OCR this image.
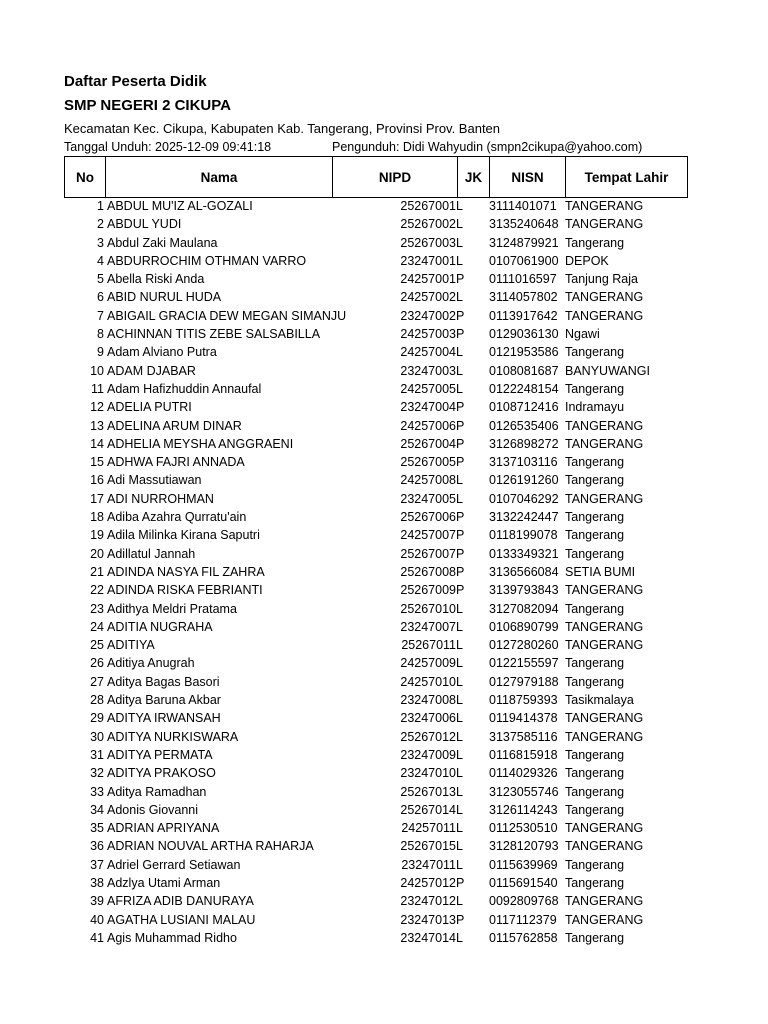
Daftar Peserta Didik
SMP NEGERI 2 CIKUPA
Kecamatan Kec. Cikupa, Kabupaten Kab. Tangerang, Provinsi Prov. Banten
Tanggal Unduh: 2025-12-09 09:41:18	Pengunduh: Didi Wahyudin (smpn2cikupa@yahoo.com)
No	Nama	NIPD	JK	NISN	Tempat Lahir
1 ABDUL MU'IZ AL-GOZALI	25267001 L 3111401071 TANGERANG
2 ABDUL YUDI	25267002 L 3135240648 TANGERANG
3 Abdul Zaki Maulana	25267003 L 3124879921 Tangerang
4 ABDURROCHIM OTHMAN VARRO	23247001 L 0107061900 DEPOK
5 Abella Riski Anda	24257001 P 0111016597 Tanjung Raja
6 ABID NURUL HUDA	24257002 L 3114057802 TANGERANG
7 ABIGAIL GRACIA DEW MEGAN SIMANJU	23247002 P 0113917642 TANGERANG
8 ACHINNAN TITIS ZEBE SALSABILLA	24257003 P 0129036130 Ngawi
9 Adam Alviano Putra	24257004 L 0121953586 Tangerang
10 ADAM DJABAR	23247003 L 0108081687 BANYUWANGI
11 Adam Hafizhuddin Annaufal	24257005 L 0122248154 Tangerang
12 ADELIA PUTRI	23247004 P 0108712416 Indramayu
13 ADELINA ARUM DINAR	24257006 P 0126535406 TANGERANG
14 ADHELIA MEYSHA ANGGRAENI	25267004 P 3126898272 TANGERANG
15 ADHWA FAJRI ANNADA	25267005 P 3137103116 Tangerang
16 Adi Massutiawan	24257008 L 0126191260 Tangerang
17 ADI NURROHMAN	23247005 L 0107046292 TANGERANG
18 Adiba Azahra Qurratu'ain	25267006 P 3132242447 Tangerang
19 Adila Milinka Kirana Saputri	24257007 P 0118199078 Tangerang
20 Adillatul Jannah	25267007 P 0133349321 Tangerang
21 ADINDA NASYA FIL ZAHRA	25267008 P 3136566084 SETIA BUMI
22 ADINDA RISKA FEBRIANTI	25267009 P 3139793843 TANGERANG
23 Adithya Meldri Pratama	25267010 L 3127082094 Tangerang
24 ADITIA NUGRAHA	23247007 L 0106890799 TANGERANG
25 ADITIYA	25267011 L 0127280260 TANGERANG
26 Aditiya Anugrah	24257009 L 0122155597 Tangerang
27 Aditya Bagas Basori	24257010 L 0127979188 Tangerang
28 Aditya Baruna Akbar	23247008 L 0118759393 Tasikmalaya
29 ADITYA IRWANSAH	23247006 L 0119414378 TANGERANG
30 ADITYA NURKISWARA	25267012 L 3137585116 TANGERANG
31 ADITYA PERMATA	23247009 L 0116815918 Tangerang
32 ADITYA PRAKOSO	23247010 L 0114029326 Tangerang
33 Aditya Ramadhan	25267013 L 3123055746 Tangerang
34 Adonis Giovanni	25267014 L 3126114243 Tangerang
35 ADRIAN APRIYANA	24257011 L 0112530510 TANGERANG
36 ADRIAN NOUVAL ARTHA RAHARJA	25267015 L 3128120793 TANGERANG
37 Adriel Gerrard Setiawan	23247011 L 0115639969 Tangerang
38 Adzlya Utami Arman	24257012 P 0115691540 Tangerang
39 AFRIZA ADIB DANURAYA	23247012 L 0092809768 TANGERANG
40 AGATHA LUSIANI MALAU	23247013 P 0117112379 TANGERANG
41 Agis Muhammad Ridho	23247014 L 0115762858 Tangerang
